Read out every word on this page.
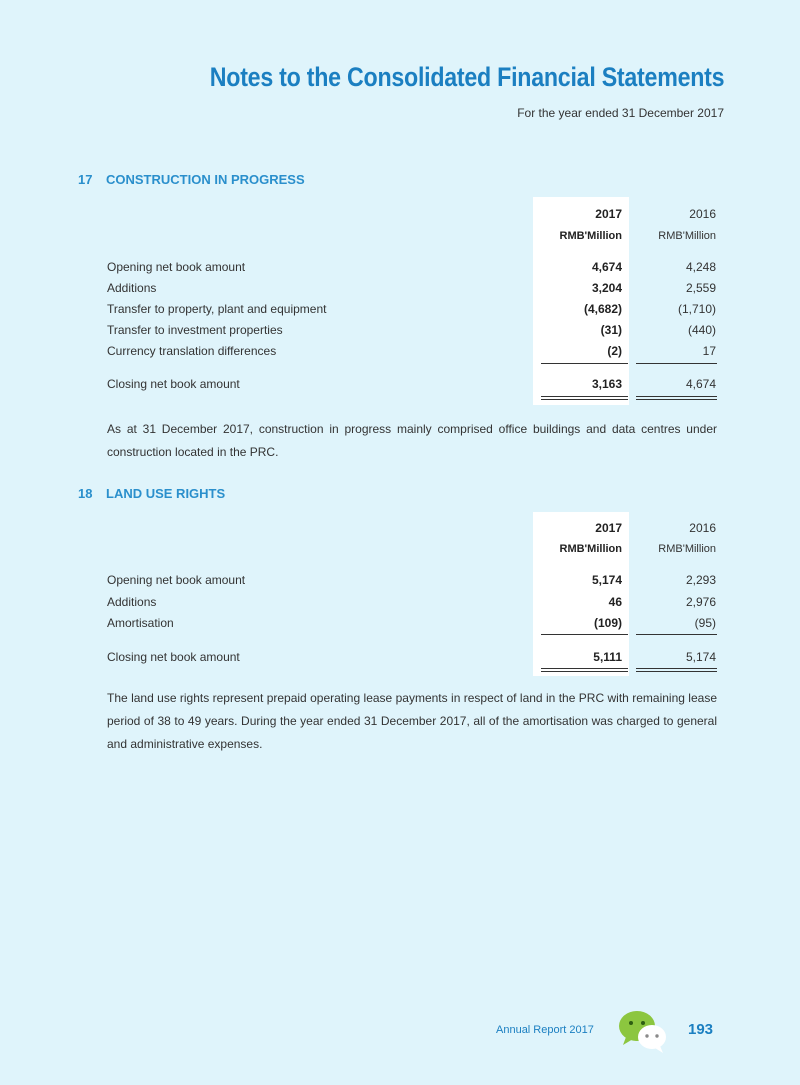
Notes to the Consolidated Financial Statements
For the year ended 31 December 2017
17 CONSTRUCTION IN PROGRESS
2017	2016
RMB'Million	RMB'Million
Opening net book amount	4,674	4,248
Additions	3,204	2,559
Transfer to property, plant and equipment	(4,682)	(1,710)
Transfer to investment properties	(31)	(440)
Currency translation differences	(2)	17
Closing net book amount	3,163	4,674
As at 31 December 2017, construction in progress mainly comprised office buildings and data centres under construction located in the PRC.
18 LAND USE RIGHTS
2017	2016
RMB'Million	RMB'Million
Opening net book amount	5,174	2,293
Additions	46	2,976
Amortisation	(109)	(95)
Closing net book amount	5,111	5,174
The land use rights represent prepaid operating lease payments in respect of land in the PRC with remaining lease period of 38 to 49 years. During the year ended 31 December 2017, all of the amortisation was charged to general and administrative expenses.
Annual Report 2017	193
